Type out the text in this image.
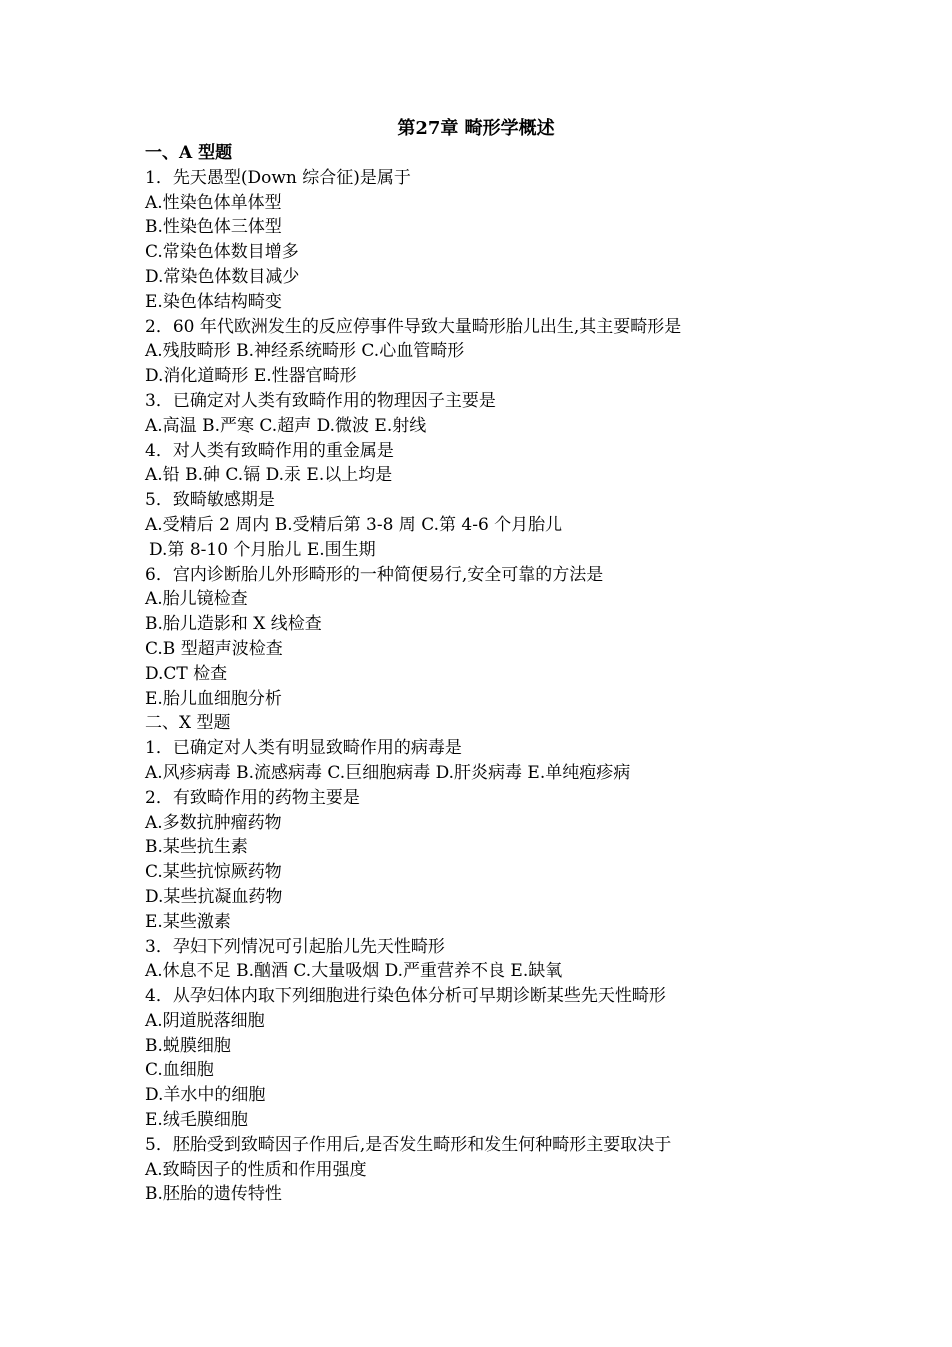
第27章 畸形学概述
一、A 型题
1．先天愚型(Down 综合征)是属于
A.性染色体单体型
B.性染色体三体型
C.常染色体数目增多
D.常染色体数目减少
E.染色体结构畸变
2．60 年代欧洲发生的反应停事件导致大量畸形胎儿出生,其主要畸形是
A.残肢畸形 B.神经系统畸形 C.心血管畸形
D.消化道畸形 E.性器官畸形
3．已确定对人类有致畸作用的物理因子主要是
A.高温 B.严寒 C.超声 D.微波 E.射线
4．对人类有致畸作用的重金属是
A.铅 B.砷 C.镉 D.汞 E.以上均是
5．致畸敏感期是
A.受精后 2 周内 B.受精后第 3-8 周 C.第 4-6 个月胎儿
D.第 8-10 个月胎儿 E.围生期
6．宫内诊断胎儿外形畸形的一种简便易行,安全可靠的方法是
A.胎儿镜检查
B.胎儿造影和 X 线检查
C.B 型超声波检查
D.CT 检查
E.胎儿血细胞分析
二、X 型题
1．已确定对人类有明显致畸作用的病毒是
A.风疹病毒 B.流感病毒 C.巨细胞病毒 D.肝炎病毒 E.单纯疱疹病
2．有致畸作用的药物主要是
A.多数抗肿瘤药物
B.某些抗生素
C.某些抗惊厥药物
D.某些抗凝血药物
E.某些激素
3．孕妇下列情况可引起胎儿先天性畸形
A.休息不足 B.酗酒 C.大量吸烟 D.严重营养不良 E.缺氧
4．从孕妇体内取下列细胞进行染色体分析可早期诊断某些先天性畸形
A.阴道脱落细胞
B.蜕膜细胞
C.血细胞
D.羊水中的细胞
E.绒毛膜细胞
5．胚胎受到致畸因子作用后,是否发生畸形和发生何种畸形主要取决于
A.致畸因子的性质和作用强度
B.胚胎的遗传特性
